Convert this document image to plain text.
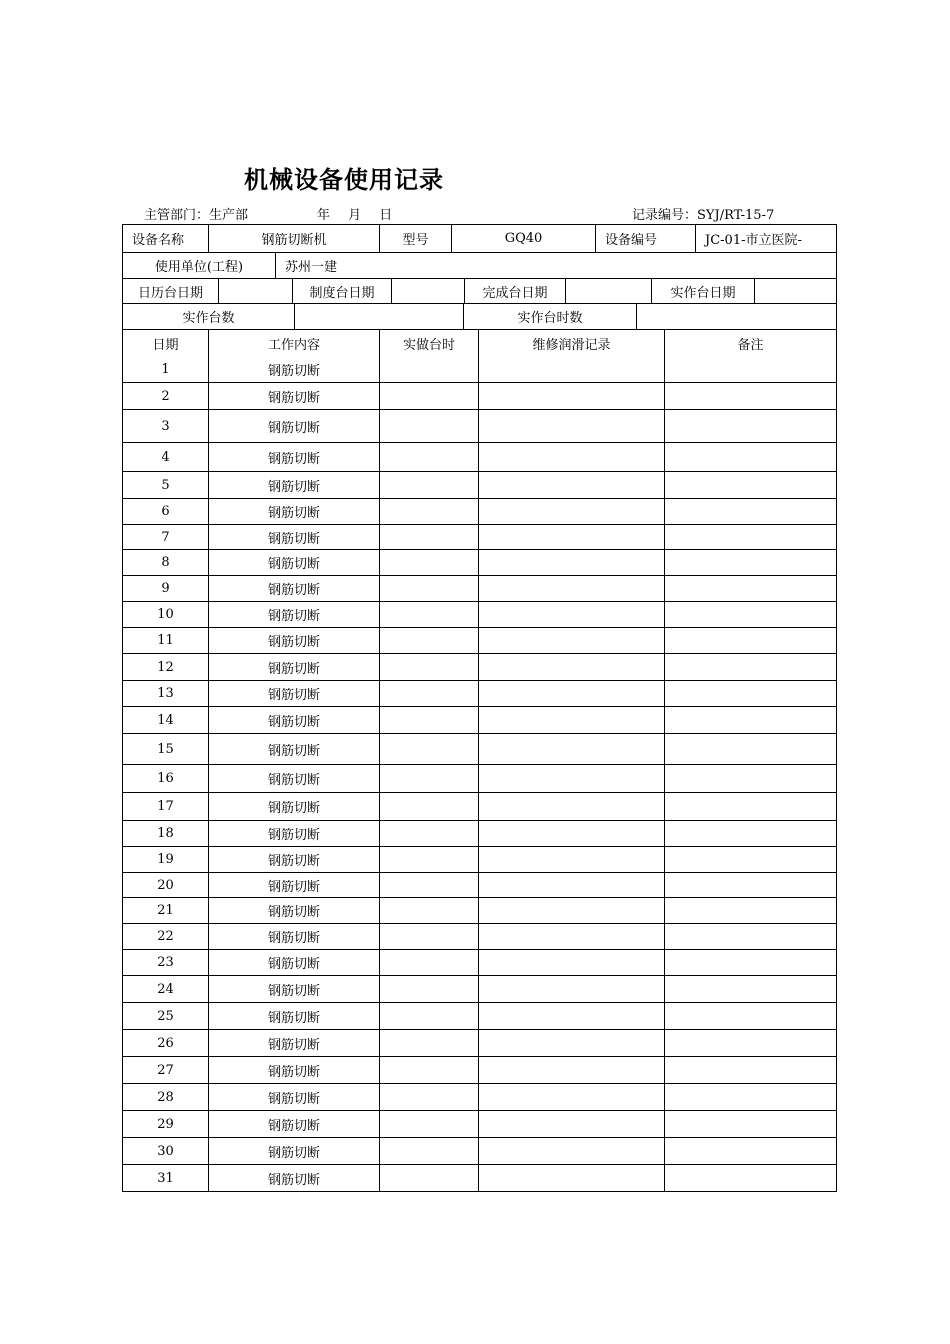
机械设备使用记录
主管部门：生产部	年 月 日	记录编号：SYJ/RT-15-7
设备名称	钢筋切断机	型号	GQ40	设备编号	JC-01-市立医院-
使用单位(工程)	苏州一建
日历台日期	制度台日期	完成台日期	实作台日期
实作台数	实作台时数
日期	工作内容	实做台时	维修润滑记录	备注
1	钢筋切断
2	钢筋切断
3	钢筋切断
4	钢筋切断
5	钢筋切断
6	钢筋切断
7	钢筋切断
8	钢筋切断
9	钢筋切断
10	钢筋切断
11	钢筋切断
12	钢筋切断
13	钢筋切断
14	钢筋切断
15	钢筋切断
16	钢筋切断
17	钢筋切断
18	钢筋切断
19	钢筋切断
20	钢筋切断
21	钢筋切断
22	钢筋切断
23	钢筋切断
24	钢筋切断
25	钢筋切断
26	钢筋切断
27	钢筋切断
28	钢筋切断
29	钢筋切断
30	钢筋切断
31	钢筋切断
